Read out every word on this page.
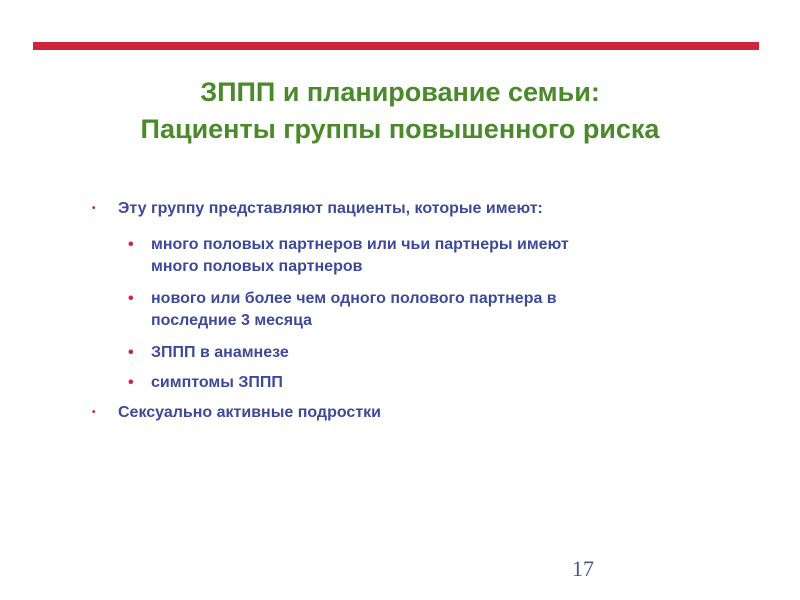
ЗППП и планирование семьи:
Пациенты группы повышенного риска
•	Эту группу представляют пациенты, которые имеют:
•	много половых партнеров или чьи партнеры имеют
много половых партнеров
•	нового или более чем одного полового партнера в
последние 3 месяца
•	ЗППП в анамнезе
•	симптомы ЗППП
•	Сексуально активные подростки
17
